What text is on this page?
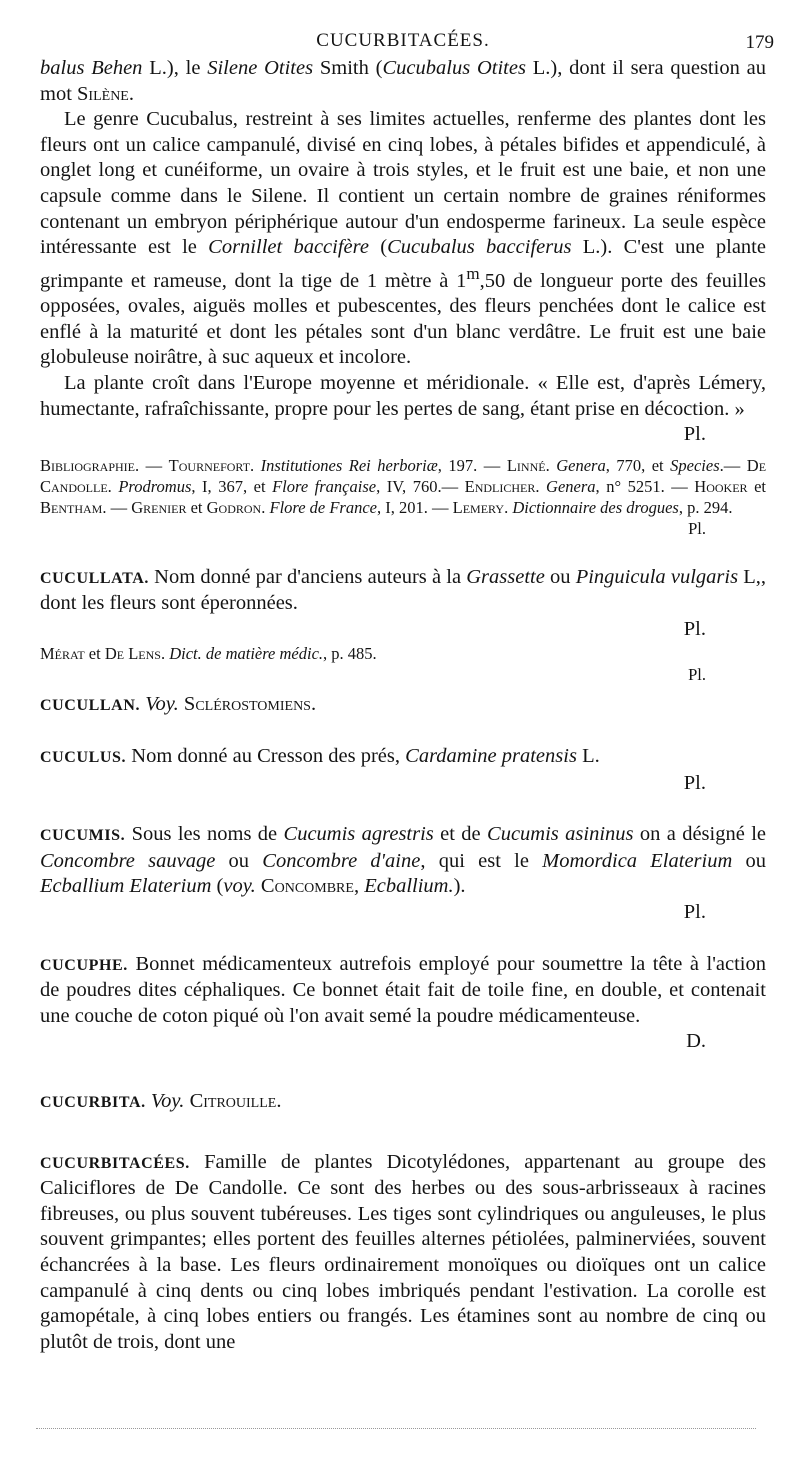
CUCURBITACÉES.	179

balus Behen L.), le Silene Otites Smith (Cucubalus Otites L.), dont il sera question au mot Silène.

Le genre Cucubalus, restreint à ses limites actuelles, renferme des plantes dont les fleurs ont un calice campanulé, divisé en cinq lobes, à pétales bifides et appendiculé, à onglet long et cunéiforme, un ovaire à trois styles, et le fruit est une baie, et non une capsule comme dans le Silene. Il contient un certain nombre de graines réniformes contenant un embryon périphérique autour d'un endosperme farineux. La seule espèce intéressante est le Cornillet baccifère (Cucubalus bacciferus L.). C'est une plante grimpante et rameuse, dont la tige de 1 mètre à 1$^m$,50 de longueur porte des feuilles opposées, ovales, aiguës molles et pubescentes, des fleurs penchées dont le calice est enflé à la maturité et dont les pétales sont d'un blanc verdâtre. Le fruit est une baie globuleuse noirâtre, à suc aqueux et incolore.

La plante croît dans l'Europe moyenne et méridionale. « Elle est, d'après Lémery, humectante, rafraîchissante, propre pour les pertes de sang, étant prise en décoction. »
Pl.

Bibliographie. — Tournefort. Institutiones Rei herboriæ, 197. — Linné. Genera, 770, et Species.— De Candolle. Prodromus, I, 367, et Flore française, IV, 760.— Endlicher. Genera, n° 5251. — Hooker et Bentham. — Grenier et Godron. Flore de France, I, 201. — Lemery. Dictionnaire des drogues, p. 294.
Pl.

CUCULLATA. Nom donné par d'anciens auteurs à la Grassette ou Pinguicula vulgaris L,, dont les fleurs sont éperonnées.
Pl.

Mérat et De Lens. Dict. de matière médic., p. 485.
Pl.

CUCULLAN. Voy. Sclérostomiens.

CUCULUS. Nom donné au Cresson des prés, Cardamine pratensis L.
Pl.

CUCUMIS. Sous les noms de Cucumis agrestris et de Cucumis asininus on a désigné le Concombre sauvage ou Concombre d'aine, qui est le Momordica Elaterium ou Ecballium Elaterium (voy. Concombre, Ecballium.).
Pl.

CUCUPHE. Bonnet médicamenteux autrefois employé pour soumettre la tête à l'action de poudres dites céphaliques. Ce bonnet était fait de toile fine, en double, et contenait une couche de coton piqué où l'on avait semé la poudre médicamenteuse.
D.

CUCURBITA. Voy. Citrouille.

CUCURBITACÉES. Famille de plantes Dicotylédones, appartenant au groupe des Caliciflores de De Candolle. Ce sont des herbes ou des sous-arbrisseaux à racines fibreuses, ou plus souvent tubéreuses. Les tiges sont cylindriques ou anguleuses, le plus souvent grimpantes; elles portent des feuilles alternes pétiolées, palminerviées, souvent échancrées à la base. Les fleurs ordinairement monoïques ou dioïques ont un calice campanulé à cinq dents ou cinq lobes imbriqués pendant l'estivation. La corolle est gamopétale, à cinq lobes entiers ou frangés. Les étamines sont au nombre de cinq ou plutôt de trois, dont une
